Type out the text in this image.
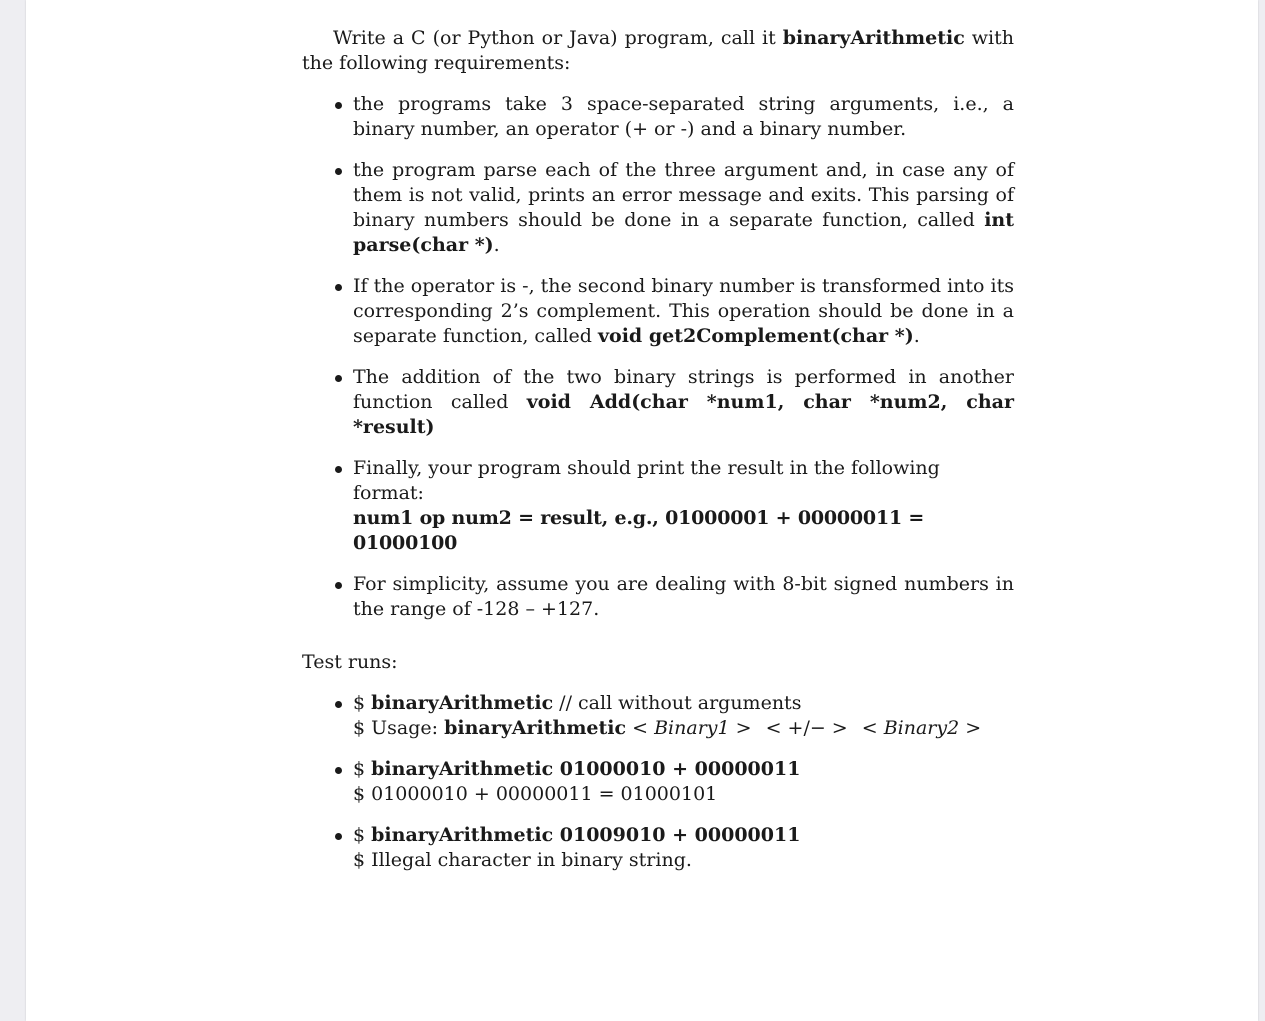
Write a C (or Python or Java) program, call it binaryArithmetic with the following requirements:

the programs take 3 space-separated string arguments, i.e., a binary number, an operator (+ or -) and a binary number.
the program parse each of the three argument and, in case any of them is not valid, prints an error message and exits. This parsing of binary numbers should be done in a separate function, called int parse(char *).
If the operator is -, the second binary number is transformed into its corresponding 2’s complement. This operation should be done in a separate function, called void get2Complement(char *).
The addition of the two binary strings is performed in another function called void Add(char *num1, char *num2, char *result)
Finally, your program should print the result in the following format:
num1 op num2 = result, e.g., 01000001 + 00000011 = 01000100
For simplicity, assume you are dealing with 8-bit signed numbers in the range of -128 – +127.

Test runs:

$ binaryArithmetic // call without arguments
$ Usage: binaryArithmetic < Binary1 > < +/− > < Binary2 >
$ binaryArithmetic 01000010 + 00000011
$ 01000010 + 00000011 = 01000101
$ binaryArithmetic 01009010 + 00000011
$ Illegal character in binary string.
